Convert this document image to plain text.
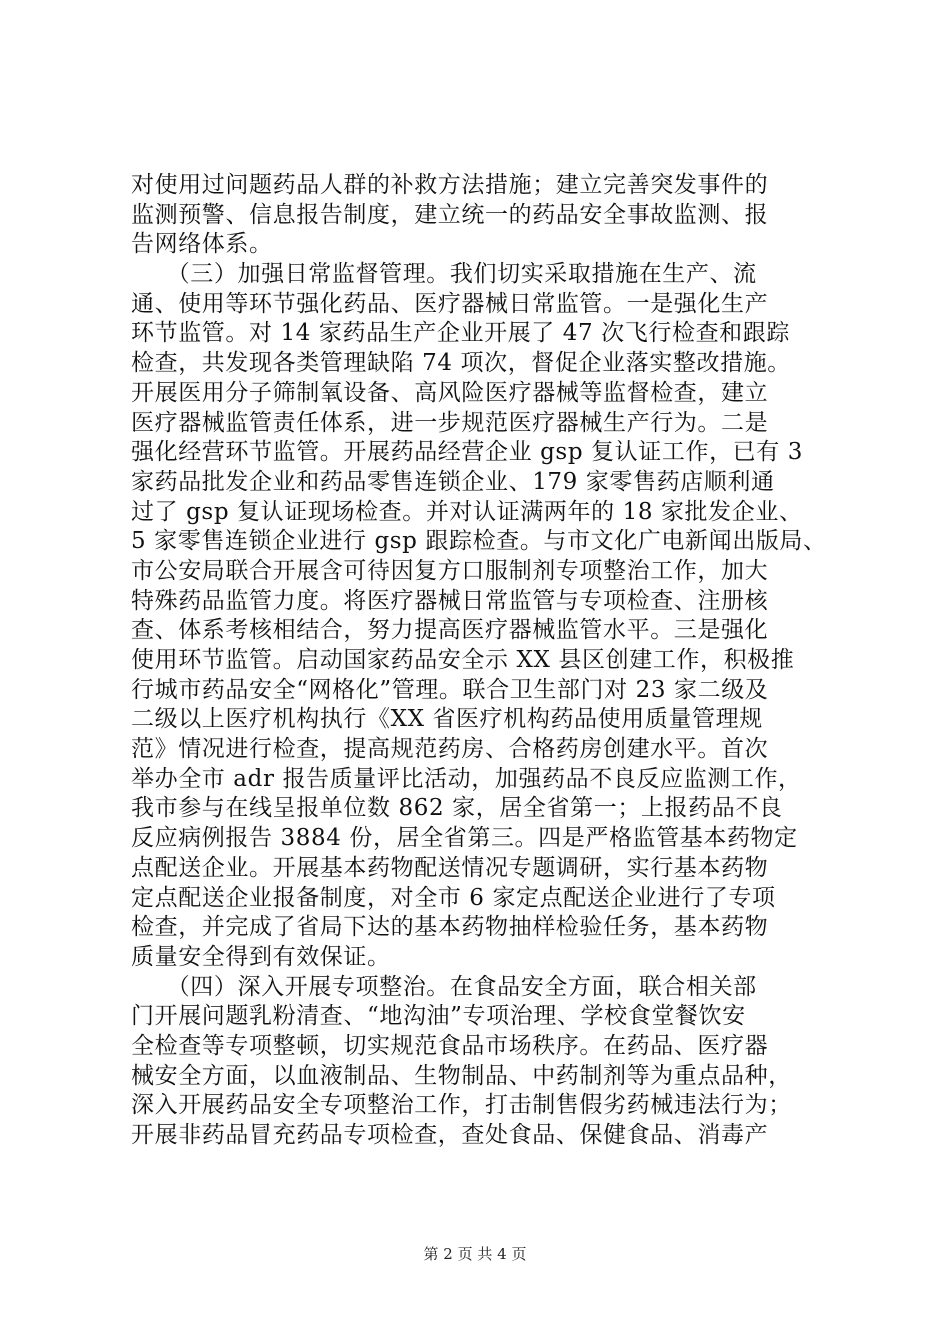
对使用过问题药品人群的补救方法措施；建立完善突发事件的
监测预警、信息报告制度，建立统一的药品安全事故监测、报
告网络体系。
　　（三）加强日常监督管理。我们切实采取措施在生产、流
通、使用等环节强化药品、医疗器械日常监管。一是强化生产
环节监管。对 14 家药品生产企业开展了 47 次飞行检查和跟踪
检查，共发现各类管理缺陷 74 项次，督促企业落实整改措施。
开展医用分子筛制氧设备、高风险医疗器械等监督检查，建立
医疗器械监管责任体系，进一步规范医疗器械生产行为。二是
强化经营环节监管。开展药品经营企业 gsp 复认证工作，已有 3
家药品批发企业和药品零售连锁企业、179 家零售药店顺利通
过了 gsp 复认证现场检查。并对认证满两年的 18 家批发企业、
5 家零售连锁企业进行 gsp 跟踪检查。与市文化广电新闻出版局、
市公安局联合开展含可待因复方口服制剂专项整治工作，加大
特殊药品监管力度。将医疗器械日常监管与专项检查、注册核
查、体系考核相结合，努力提高医疗器械监管水平。三是强化
使用环节监管。启动国家药品安全示 XX 县区创建工作，积极推
行城市药品安全“网格化”管理。联合卫生部门对 23 家二级及
二级以上医疗机构执行《XX 省医疗机构药品使用质量管理规
范》情况进行检查，提高规范药房、合格药房创建水平。首次
举办全市 adr 报告质量评比活动，加强药品不良反应监测工作，
我市参与在线呈报单位数 862 家，居全省第一；上报药品不良
反应病例报告 3884 份，居全省第三。四是严格监管基本药物定
点配送企业。开展基本药物配送情况专题调研，实行基本药物
定点配送企业报备制度，对全市 6 家定点配送企业进行了专项
检查，并完成了省局下达的基本药物抽样检验任务，基本药物
质量安全得到有效保证。
　　（四）深入开展专项整治。在食品安全方面，联合相关部
门开展问题乳粉清查、“地沟油”专项治理、学校食堂餐饮安
全检查等专项整顿，切实规范食品市场秩序。在药品、医疗器
械安全方面，以血液制品、生物制品、中药制剂等为重点品种，
深入开展药品安全专项整治工作，打击制售假劣药械违法行为；
开展非药品冒充药品专项检查，查处食品、保健食品、消毒产
第 2 页 共 4 页
